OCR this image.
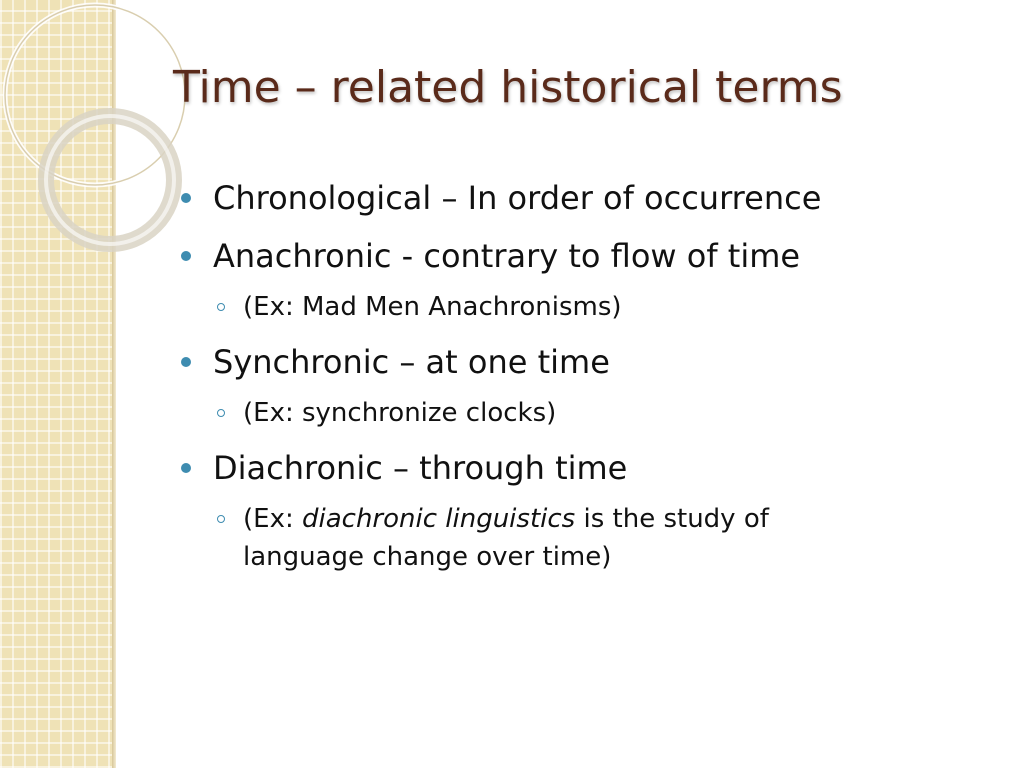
Time – related historical terms
Chronological – In order of occurrence
Anachronic - contrary to flow of time
(Ex: Mad Men Anachronisms)
Synchronic – at one time
(Ex: synchronize clocks)
Diachronic – through time
(Ex: diachronic linguistics is the study of language change over time)
